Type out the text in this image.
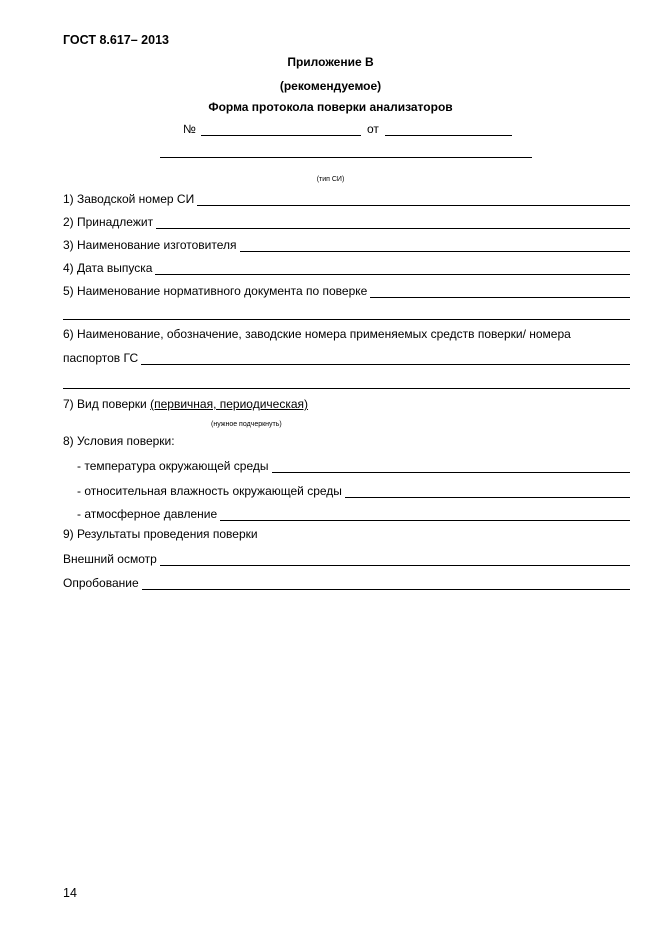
ГОСТ 8.617– 2013
Приложение В
(рекомендуемое)
Форма протокола поверки анализаторов
№	от
(тип СИ)
1) Заводской номер СИ
2) Принадлежит
3) Наименование изготовителя
4) Дата выпуска
5) Наименование нормативного документа по поверке
6) Наименование, обозначение, заводские номера применяемых средств поверки/ номера
паспортов ГС
7) Вид поверки (первичная, периодическая)
(нужное подчеркнуть)
8) Условия поверки:
- температура окружающей среды
- относительная влажность окружающей среды
- атмосферное давление
9) Результаты проведения поверки
Внешний осмотр
Опробование
14
